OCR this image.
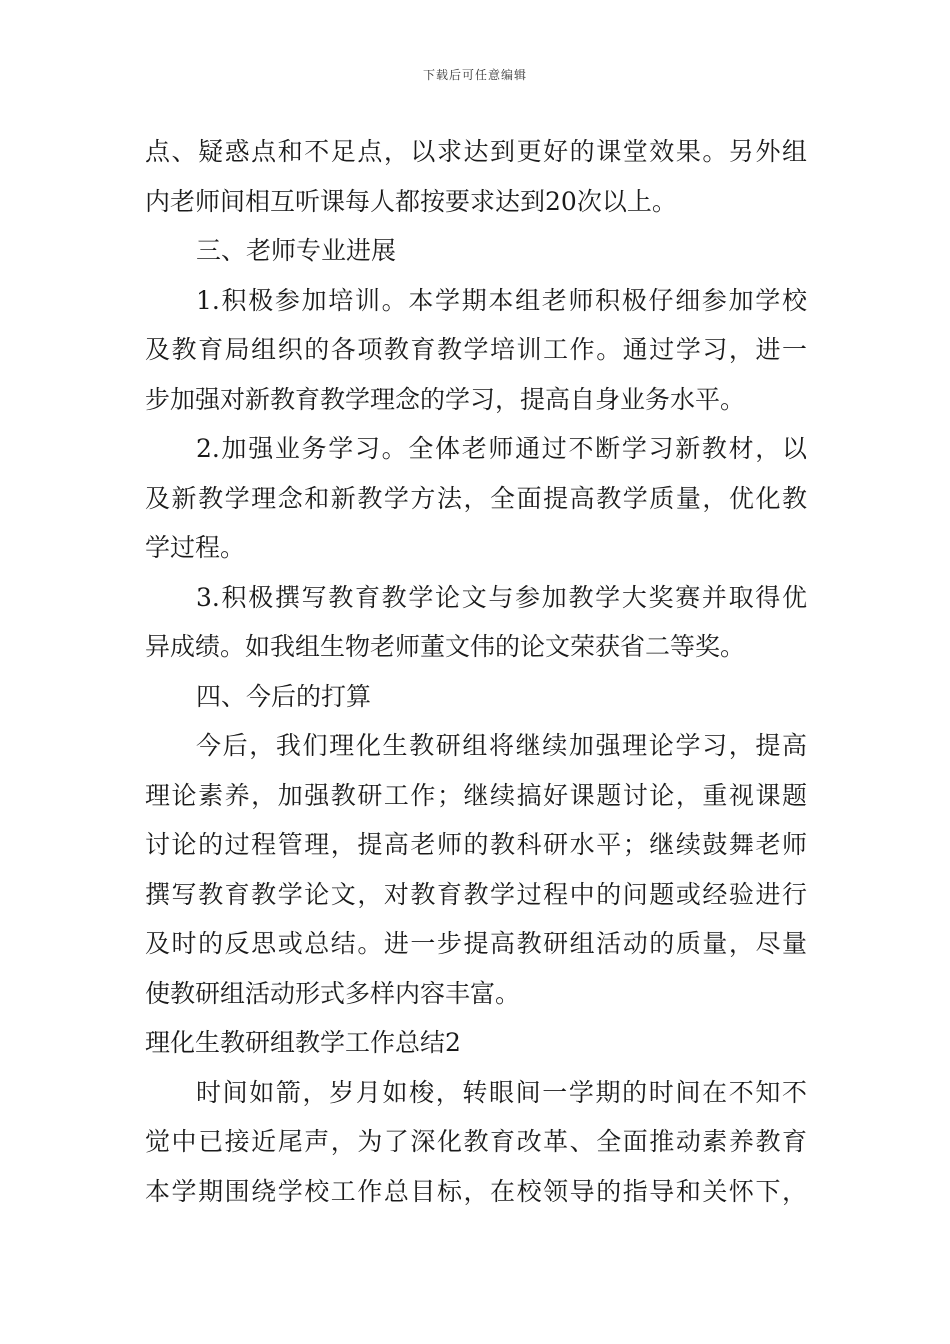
下载后可任意编辑
点、疑惑点和不足点，以求达到更好的课堂效果。另外组
内老师间相互听课每人都按要求达到20次以上。
三、老师专业进展
1.积极参加培训。本学期本组老师积极仔细参加学校
及教育局组织的各项教育教学培训工作。通过学习，进一
步加强对新教育教学理念的学习，提高自身业务水平。
2.加强业务学习。全体老师通过不断学习新教材，以
及新教学理念和新教学方法，全面提高教学质量，优化教
学过程。
3.积极撰写教育教学论文与参加教学大奖赛并取得优
异成绩。如我组生物老师董文伟的论文荣获省二等奖。
四、今后的打算
今后，我们理化生教研组将继续加强理论学习，提高
理论素养，加强教研工作；继续搞好课题讨论，重视课题
讨论的过程管理，提高老师的教科研水平；继续鼓舞老师
撰写教育教学论文，对教育教学过程中的问题或经验进行
及时的反思或总结。进一步提高教研组活动的质量，尽量
使教研组活动形式多样内容丰富。
理化生教研组教学工作总结2
时间如箭，岁月如梭，转眼间一学期的时间在不知不
觉中已接近尾声，为了深化教育改革、全面推动素养教育
本学期围绕学校工作总目标，在校领导的指导和关怀下，
